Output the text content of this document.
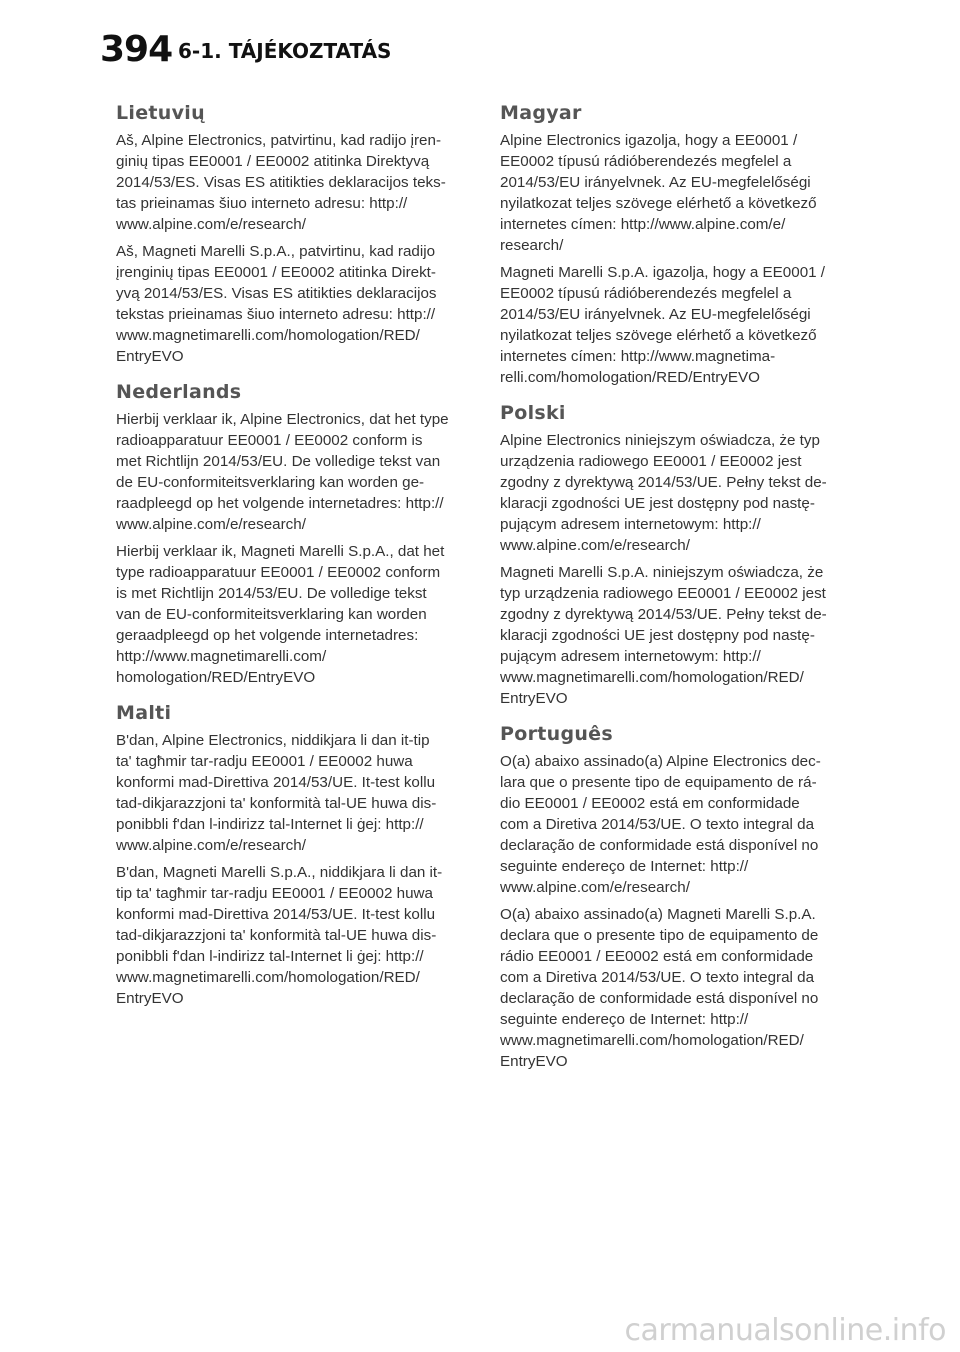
394 6-1. TÁJÉKOZTATÁS
Lietuvių

Aš, Alpine Electronics, patvirtinu, kad radijo įren-
ginių tipas EE0001 / EE0002 atitinka Direktyvą
2014/53/ES. Visas ES atitikties deklaracijos teks-
tas prieinamas šiuo interneto adresu: http://
www.alpine.com/e/research/

Aš, Magneti Marelli S.p.A., patvirtinu, kad radijo
įrenginių tipas EE0001 / EE0002 atitinka Direkt-
yvą 2014/53/ES. Visas ES atitikties deklaracijos
tekstas prieinamas šiuo interneto adresu: http://
www.magnetimarelli.com/homologation/RED/
EntryEVO

Nederlands

Hierbij verklaar ik, Alpine Electronics, dat het type
radioapparatuur EE0001 / EE0002 conform is
met Richtlijn 2014/53/EU. De volledige tekst van
de EU-conformiteitsverklaring kan worden ge-
raadpleegd op het volgende internetadres: http://
www.alpine.com/e/research/

Hierbij verklaar ik, Magneti Marelli S.p.A., dat het
type radioapparatuur EE0001 / EE0002 conform
is met Richtlijn 2014/53/EU. De volledige tekst
van de EU-conformiteitsverklaring kan worden
geraadpleegd op het volgende internetadres:
http://www.magnetimarelli.com/
homologation/RED/EntryEVO

Malti

B'dan, Alpine Electronics, niddikjara li dan it-tip
ta' tagħmir tar-radju EE0001 / EE0002 huwa
konformi mad-Direttiva 2014/53/UE. It-test kollu
tad-dikjarazzjoni ta' konformità tal-UE huwa dis-
ponibbli f'dan l-indirizz tal-Internet li ġej: http://
www.alpine.com/e/research/

B'dan, Magneti Marelli S.p.A., niddikjara li dan it-
tip ta' tagħmir tar-radju EE0001 / EE0002 huwa
konformi mad-Direttiva 2014/53/UE. It-test kollu
tad-dikjarazzjoni ta' konformità tal-UE huwa dis-
ponibbli f'dan l-indirizz tal-Internet li ġej: http://
www.magnetimarelli.com/homologation/RED/
EntryEVO

Magyar

Alpine Electronics igazolja, hogy a EE0001 /
EE0002 típusú rádióberendezés megfelel a
2014/53/EU irányelvnek. Az EU-megfelelőségi
nyilatkozat teljes szövege elérhető a következő
internetes címen: http://www.alpine.com/e/
research/

Magneti Marelli S.p.A. igazolja, hogy a EE0001 /
EE0002 típusú rádióberendezés megfelel a
2014/53/EU irányelvnek. Az EU-megfelelőségi
nyilatkozat teljes szövege elérhető a következő
internetes címen: http://www.magnetima-
relli.com/homologation/RED/EntryEVO

Polski

Alpine Electronics niniejszym oświadcza, że typ
urządzenia radiowego EE0001 / EE0002 jest
zgodny z dyrektywą 2014/53/UE. Pełny tekst de-
klaracji zgodności UE jest dostępny pod nastę-
pującym adresem internetowym: http://
www.alpine.com/e/research/

Magneti Marelli S.p.A. niniejszym oświadcza, że
typ urządzenia radiowego EE0001 / EE0002 jest
zgodny z dyrektywą 2014/53/UE. Pełny tekst de-
klaracji zgodności UE jest dostępny pod nastę-
pującym adresem internetowym: http://
www.magnetimarelli.com/homologation/RED/
EntryEVO

Português

O(a) abaixo assinado(a) Alpine Electronics dec-
lara que o presente tipo de equipamento de rá-
dio EE0001 / EE0002 está em conformidade
com a Diretiva 2014/53/UE. O texto integral da
declaração de conformidade está disponível no
seguinte endereço de Internet: http://
www.alpine.com/e/research/

O(a) abaixo assinado(a) Magneti Marelli S.p.A.
declara que o presente tipo de equipamento de
rádio EE0001 / EE0002 está em conformidade
com a Diretiva 2014/53/UE. O texto integral da
declaração de conformidade está disponível no
seguinte endereço de Internet: http://
www.magnetimarelli.com/homologation/RED/
EntryEVO

carmanualsonline.info
